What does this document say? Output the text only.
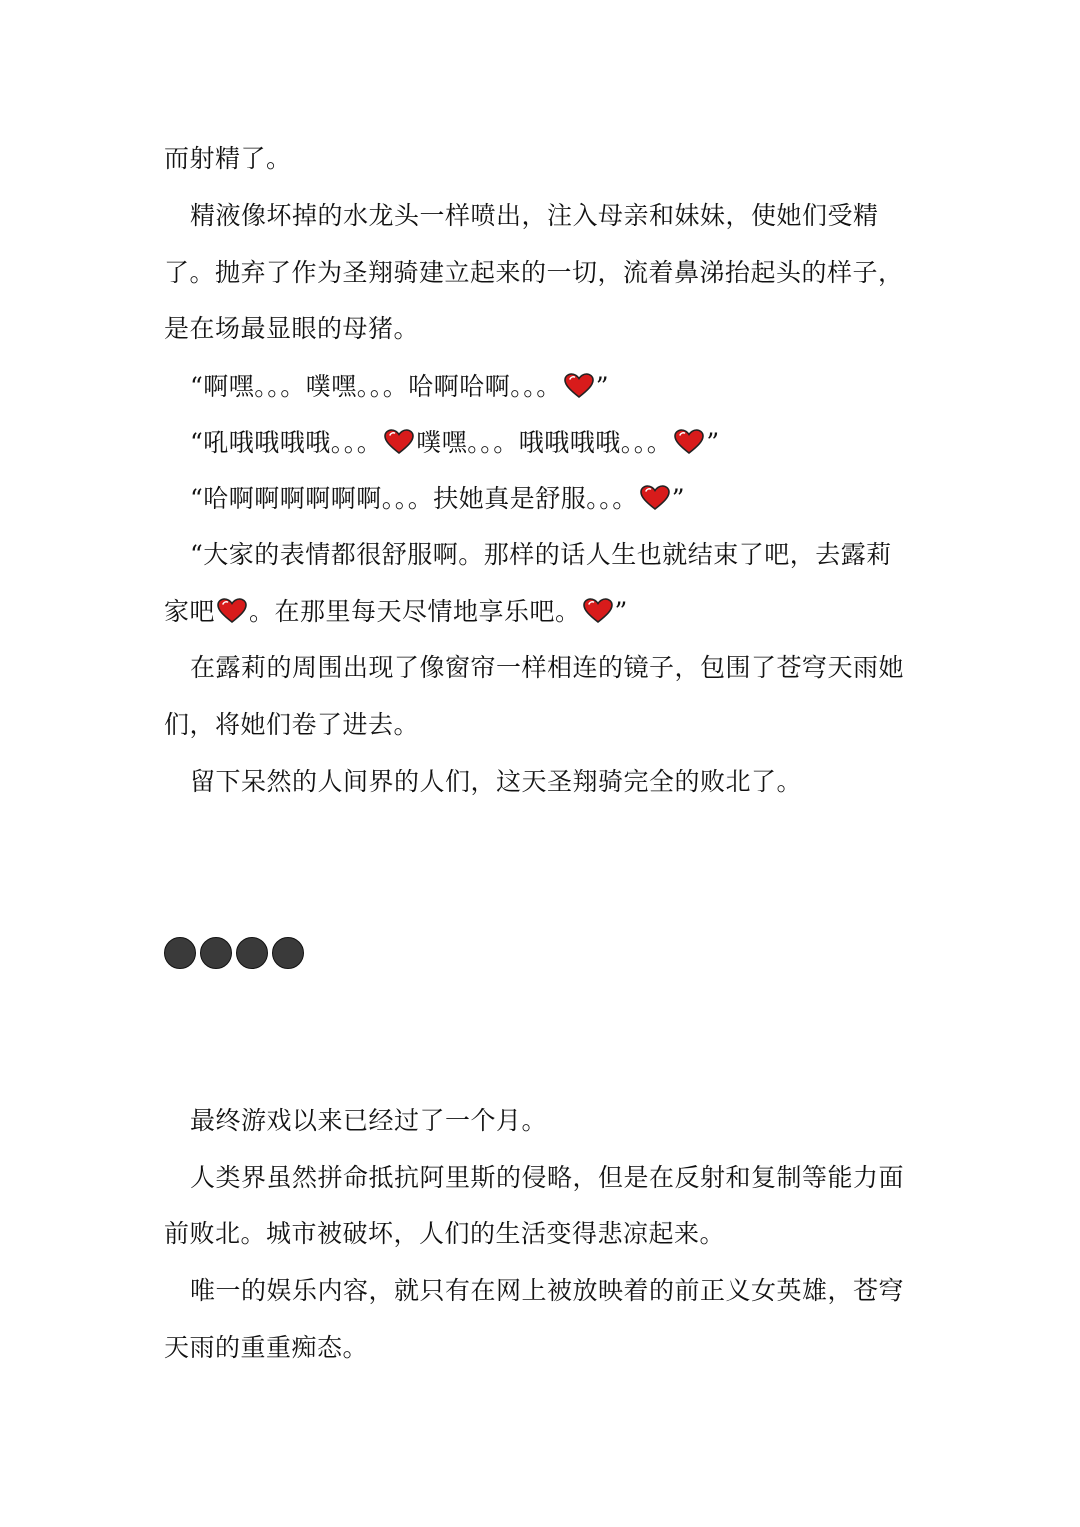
而射精了。
精液像坏掉的水龙头一样喷出，注入母亲和妹妹，使她们受精
了。抛弃了作为圣翔骑建立起来的一切，流着鼻涕抬起头的样子，
是在场最显眼的母猪。
“啊嘿。。。噗嘿。。。哈啊哈啊。。。 ”
“吼哦哦哦哦。。。 噗嘿。。。哦哦哦哦。。。 ”
“哈啊啊啊啊啊啊。。。扶她真是舒服。。。 ”
“大家的表情都很舒服啊。那样的话人生也就结束了吧，去露莉
家吧 。在那里每天尽情地享乐吧。 ”
在露莉的周围出现了像窗帘一样相连的镜子，包围了苍穹天雨她
们，将她们卷了进去。
留下呆然的人间界的人们，这天圣翔骑完全的败北了。
最终游戏以来已经过了一个月。
人类界虽然拼命抵抗阿里斯的侵略，但是在反射和复制等能力面
前败北。城市被破坏，人们的生活变得悲凉起来。
唯一的娱乐内容，就只有在网上被放映着的前正义女英雄，苍穹
天雨的重重痴态。
